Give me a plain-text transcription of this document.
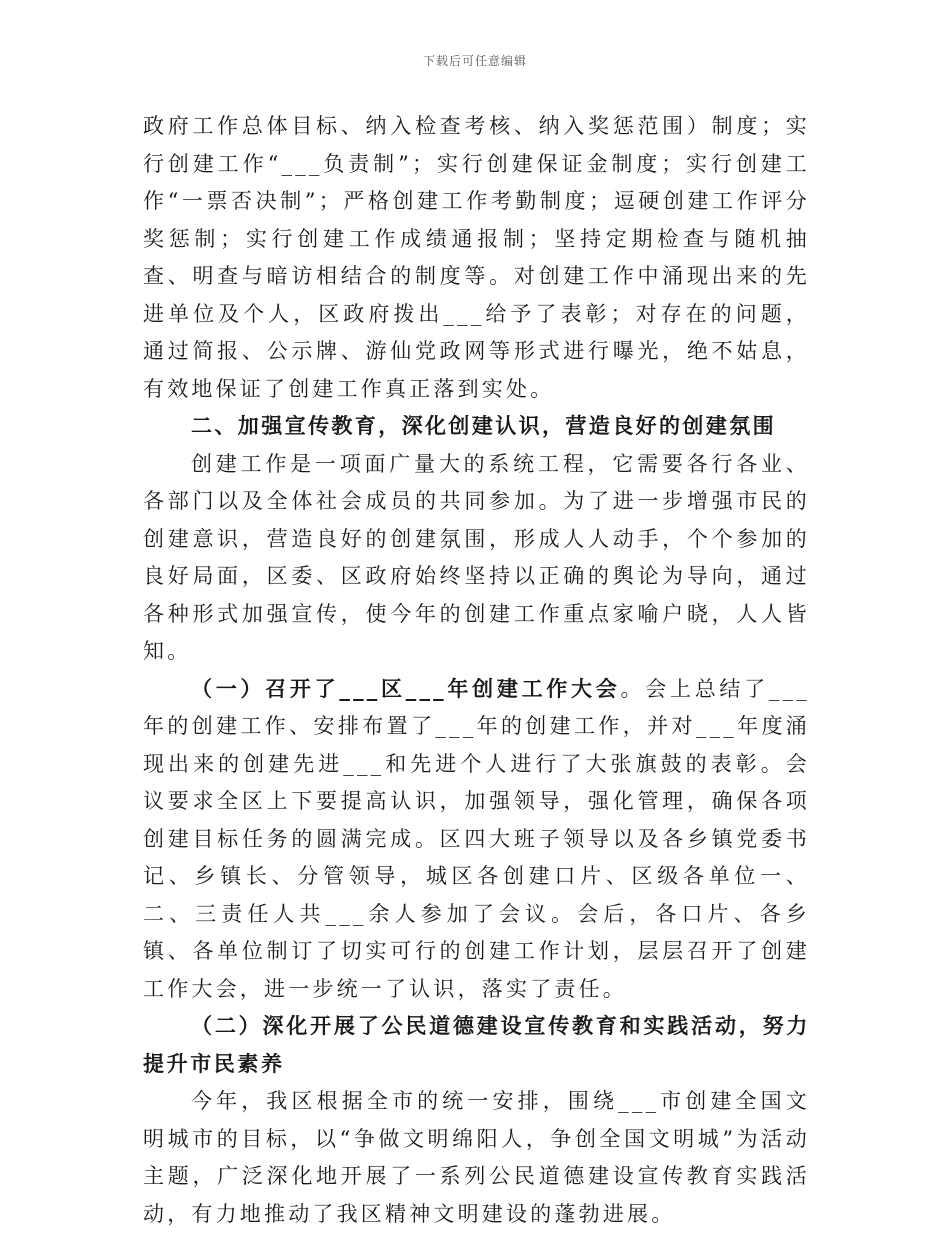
下载后可任意编辑

政府工作总体目标、纳入检查考核、纳入奖惩范围）制度；实行创建工作“___负责制”；实行创建保证金制度；实行创建工作“一票否决制”；严格创建工作考勤制度；逗硬创建工作评分奖惩制；实行创建工作成绩通报制；坚持定期检查与随机抽查、明查与暗访相结合的制度等。对创建工作中涌现出来的先进单位及个人，区政府拨出___给予了表彰；对存在的问题，通过简报、公示牌、游仙党政网等形式进行曝光，绝不姑息，有效地保证了创建工作真正落到实处。

二、加强宣传教育，深化创建认识，营造良好的创建氛围

创建工作是一项面广量大的系统工程，它需要各行各业、各部门以及全体社会成员的共同参加。为了进一步增强市民的创建意识，营造良好的创建氛围，形成人人动手，个个参加的良好局面，区委、区政府始终坚持以正确的舆论为导向，通过各种形式加强宣传，使今年的创建工作重点家喻户晓，人人皆知。

（一）召开了___区___年创建工作大会。会上总结了___年的创建工作、安排布置了___年的创建工作，并对___年度涌现出来的创建先进___和先进个人进行了大张旗鼓的表彰。会议要求全区上下要提高认识，加强领导，强化管理，确保各项创建目标任务的圆满完成。区四大班子领导以及各乡镇党委书记、乡镇长、分管领导，城区各创建口片、区级各单位一、二、三责任人共___余人参加了会议。会后，各口片、各乡镇、各单位制订了切实可行的创建工作计划，层层召开了创建工作大会，进一步统一了认识，落实了责任。

（二）深化开展了公民道德建设宣传教育和实践活动，努力提升市民素养

今年，我区根据全市的统一安排，围绕___市创建全国文明城市的目标，以“争做文明绵阳人，争创全国文明城”为活动主题，广泛深化地开展了一系列公民道德建设宣传教育实践活动，有力地推动了我区精神文明建设的蓬勃进展。
